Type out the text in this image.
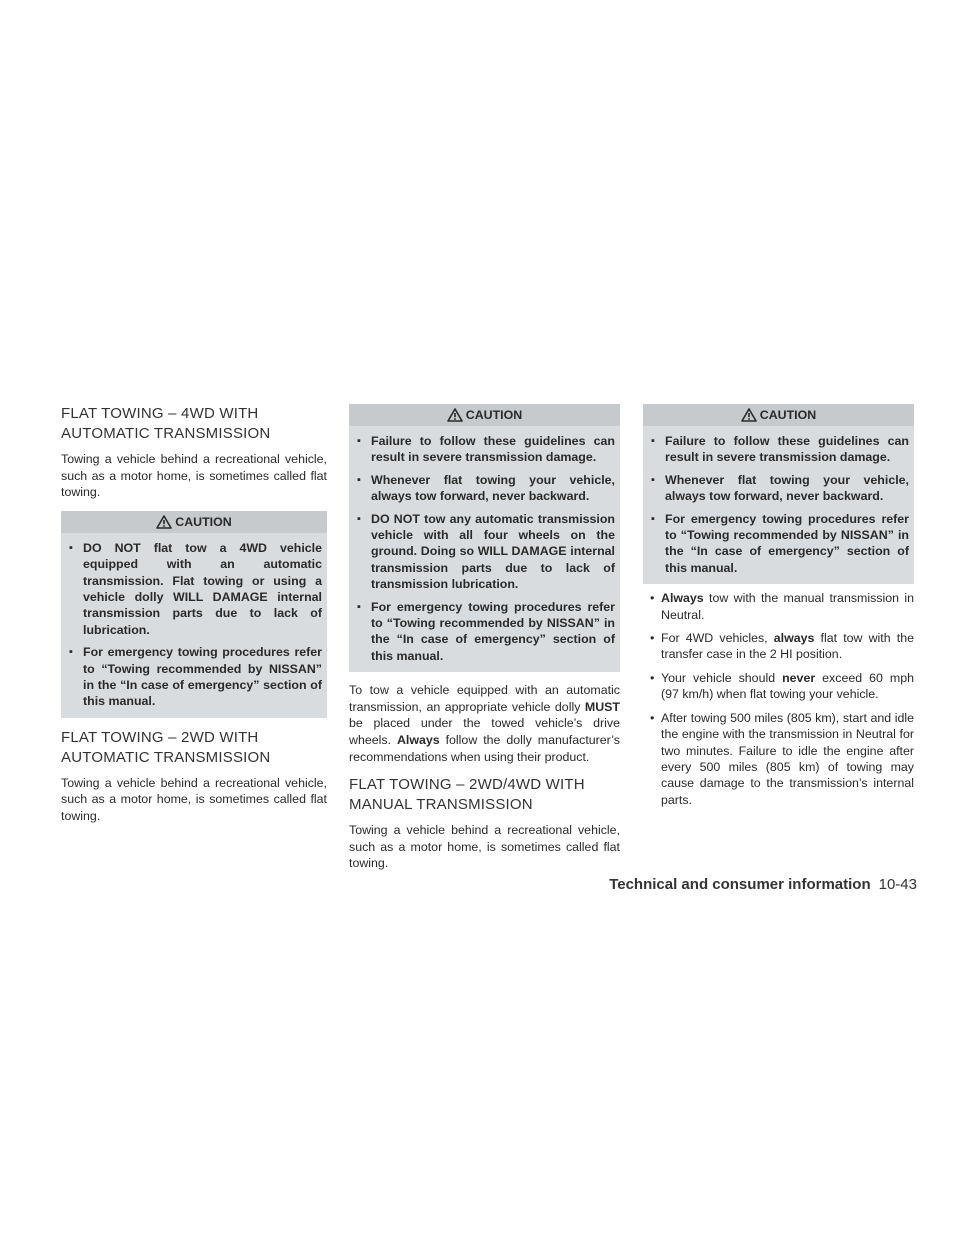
FLAT TOWING – 4WD WITH AUTOMATIC TRANSMISSION

Towing a vehicle behind a recreational vehicle, such as a motor home, is sometimes called flat towing.

CAUTION
▪ DO NOT flat tow a 4WD vehicle equipped with an automatic transmission. Flat towing or using a vehicle dolly WILL DAMAGE internal transmission parts due to lack of lubrication.
▪ For emergency towing procedures refer to “Towing recommended by NISSAN” in the “In case of emergency” section of this manual.
FLAT TOWING – 2WD WITH AUTOMATIC TRANSMISSION

Towing a vehicle behind a recreational vehicle, such as a motor home, is sometimes called flat towing.

CAUTION
▪ Failure to follow these guidelines can result in severe transmission damage.
▪ Whenever flat towing your vehicle, always tow forward, never backward.
▪ DO NOT tow any automatic transmission vehicle with all four wheels on the ground. Doing so WILL DAMAGE internal transmission parts due to lack of transmission lubrication.
▪ For emergency towing procedures refer to “Towing recommended by NISSAN” in the “In case of emergency” section of this manual.

To tow a vehicle equipped with an automatic transmission, an appropriate vehicle dolly MUST be placed under the towed vehicle’s drive wheels. Always follow the dolly manufacturer’s recommendations when using their product.

FLAT TOWING – 2WD/4WD WITH MANUAL TRANSMISSION

Towing a vehicle behind a recreational vehicle, such as a motor home, is sometimes called flat towing.

CAUTION
▪ Failure to follow these guidelines can result in severe transmission damage.
▪ Whenever flat towing your vehicle, always tow forward, never backward.
▪ For emergency towing procedures refer to “Towing recommended by NISSAN” in the “In case of emergency” section of this manual.
• Always tow with the manual transmission in Neutral.
• For 4WD vehicles, always flat tow with the transfer case in the 2 HI position.
• Your vehicle should never exceed 60 mph (97 km/h) when flat towing your vehicle.
• After towing 500 miles (805 km), start and idle the engine with the transmission in Neutral for two minutes. Failure to idle the engine after every 500 miles (805 km) of towing may cause damage to the transmission’s internal parts.
Technical and consumer information 10-43
